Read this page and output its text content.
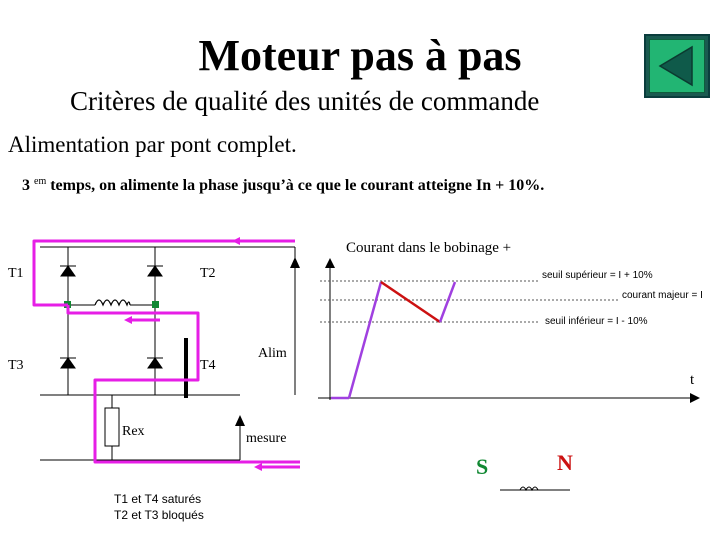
Moteur pas à pas
Critères de qualité des unités de commande
Alimentation par pont complet.
3 $^{em}$ temps, on alimente la phase jusqu’à ce que le courant atteigne In + 10%.
T1	T2
T3	T4
Alim
Rex	mesure
T1 et T4 saturés
T2 et T3 bloqués
Courant dans le bobinage +
seuil supérieur = I + 10%
courant majeur = I
seuil inférieur = I - 10%
t
S	N
